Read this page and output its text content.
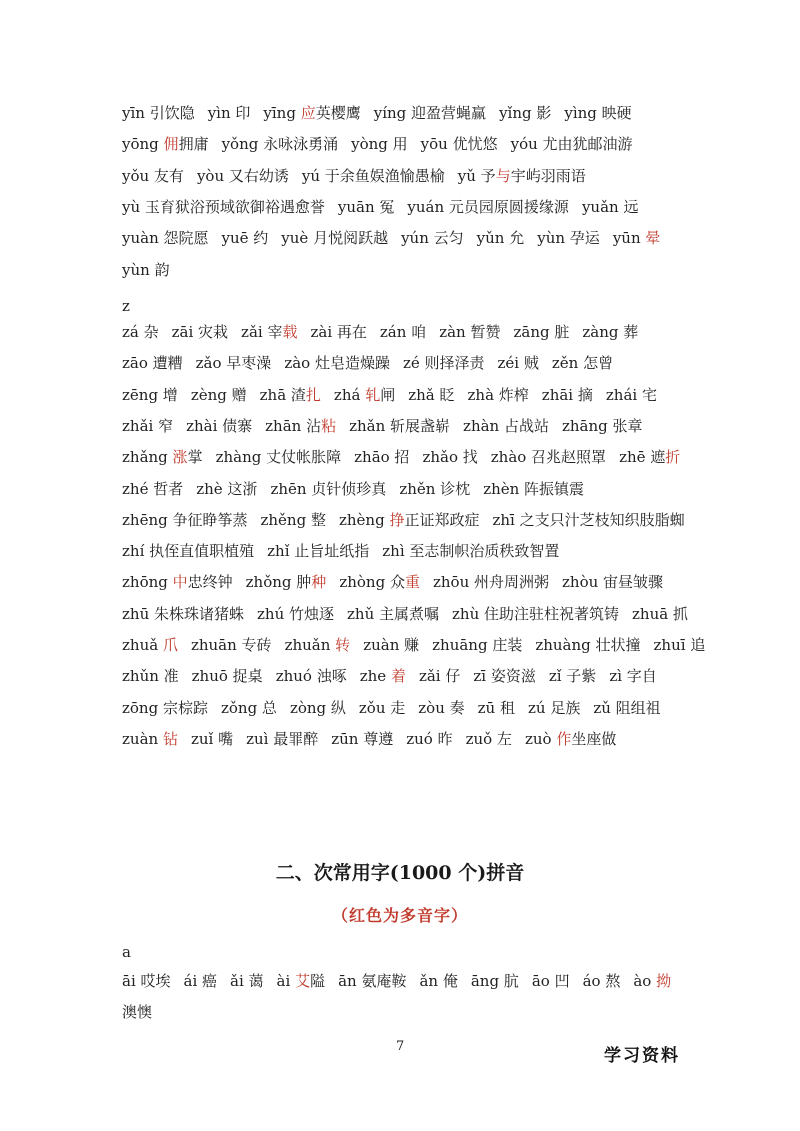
yīn 引饮隐 yìn 印 yīng 应英樱鹰 yíng 迎盈营蝇赢 yǐng 影 yìng 映硬
yōng 佣拥庸 yǒng 永咏泳勇涌 yòng 用 yōu 优忧悠 yóu 尤由犹邮油游
yǒu 友有 yòu 又右幼诱 yú 于余鱼娱渔愉愚榆 yǔ 予与宇屿羽雨语
yù 玉育狱浴预域欲御裕遇愈誉 yuān 冤 yuán 元员园原圆援缘源 yuǎn 远
yuàn 怨院愿 yuē 约 yuè 月悦阅跃越 yún 云匀 yǔn 允 yùn 孕运 yūn 晕
yùn 韵
z
zá 杂 zāi 灾栽 zǎi 宰载 zài 再在 zán 咱 zàn 暂赞 zāng 脏 zàng 葬
zāo 遭糟 zǎo 早枣澡 zào 灶皂造燥躁 zé 则择泽责 zéi 贼 zěn 怎曾
zēng 增 zèng 赠 zhā 渣扎 zhá 轧闸 zhǎ 眨 zhà 炸榨 zhāi 摘 zhái 宅
zhǎi 窄 zhài 债寨 zhān 沾粘 zhǎn 斩展盏崭 zhàn 占战站 zhāng 张章
zhǎng 涨掌 zhàng 丈仗帐胀障 zhāo 招 zhǎo 找 zhào 召兆赵照罩 zhē 遮折
zhé 哲者 zhè 这浙 zhēn 贞针侦珍真 zhěn 诊枕 zhèn 阵振镇震
zhēng 争征睁筝蒸 zhěng 整 zhèng 挣正证郑政症 zhī 之支只汁芝枝知织肢脂蜘
zhí 执侄直值职植殖 zhǐ 止旨址纸指 zhì 至志制帜治质秩致智置
zhōng 中忠终钟 zhǒng 肿种 zhòng 众重 zhōu 州舟周洲粥 zhòu 宙昼皱骤
zhū 朱株珠诸猪蛛 zhú 竹烛逐 zhǔ 主属煮嘱 zhù 住助注驻柱祝著筑铸 zhuā 抓
zhuǎ 爪 zhuān 专砖 zhuǎn 转 zuàn 赚 zhuāng 庄装 zhuàng 壮状撞 zhuī 追
zhǔn 准 zhuō 捉桌 zhuó 浊啄 zhe 着 zǎi 仔 zī 姿资滋 zǐ 子紫 zì 字自
zōng 宗棕踪 zǒng 总 zòng 纵 zǒu 走 zòu 奏 zū 租 zú 足族 zǔ 阻组祖
zuàn 钻 zuǐ 嘴 zuì 最罪醉 zūn 尊遵 zuó 昨 zuǒ 左 zuò 作坐座做
二、次常用字(1000 个)拼音
（红色为多音字）
a
āi 哎埃 ái 癌 ǎi 蔼 ài 艾隘 ān 氨庵鞍 ǎn 俺 āng 肮 āo 凹 áo 熬 ào 拗
澳懊
7	学习资料
